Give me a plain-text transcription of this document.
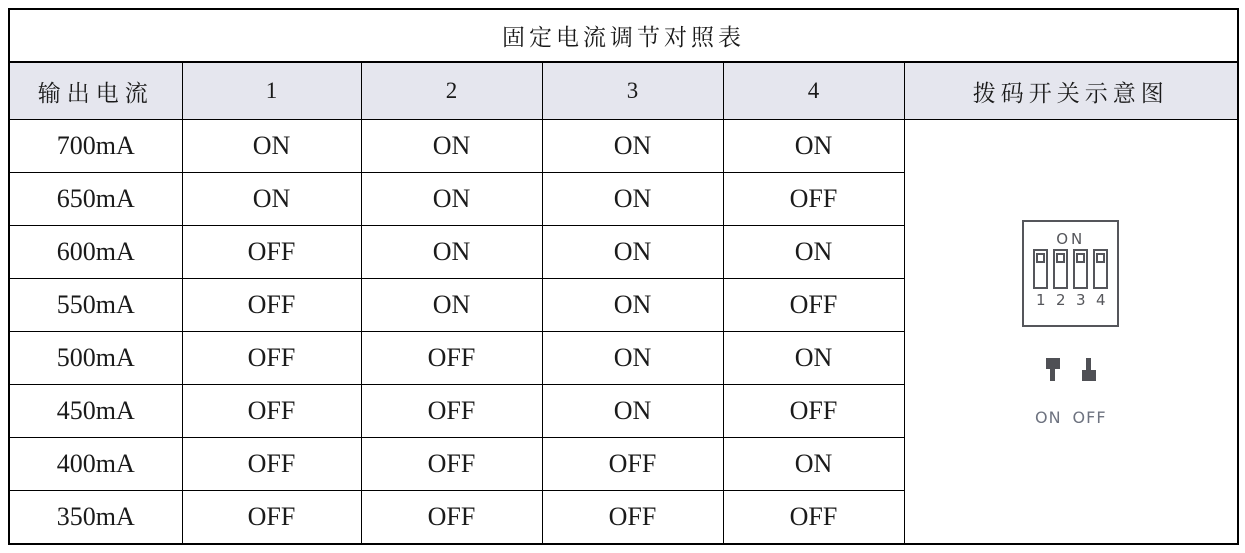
固定电流调节对照表					
输出电流	1	2	3	4	拨码开关示意图
700mA	ON	ON	ON	ON	
ON
1 2 3 4
ON OFF

650mA	ON	ON	ON	OFF	
600mA	OFF	ON	ON	ON	
550mA	OFF	ON	ON	OFF	
500mA	OFF	OFF	ON	ON	
450mA	OFF	OFF	ON	OFF	
400mA	OFF	OFF	OFF	ON	
350mA	OFF	OFF	OFF	OFF	
